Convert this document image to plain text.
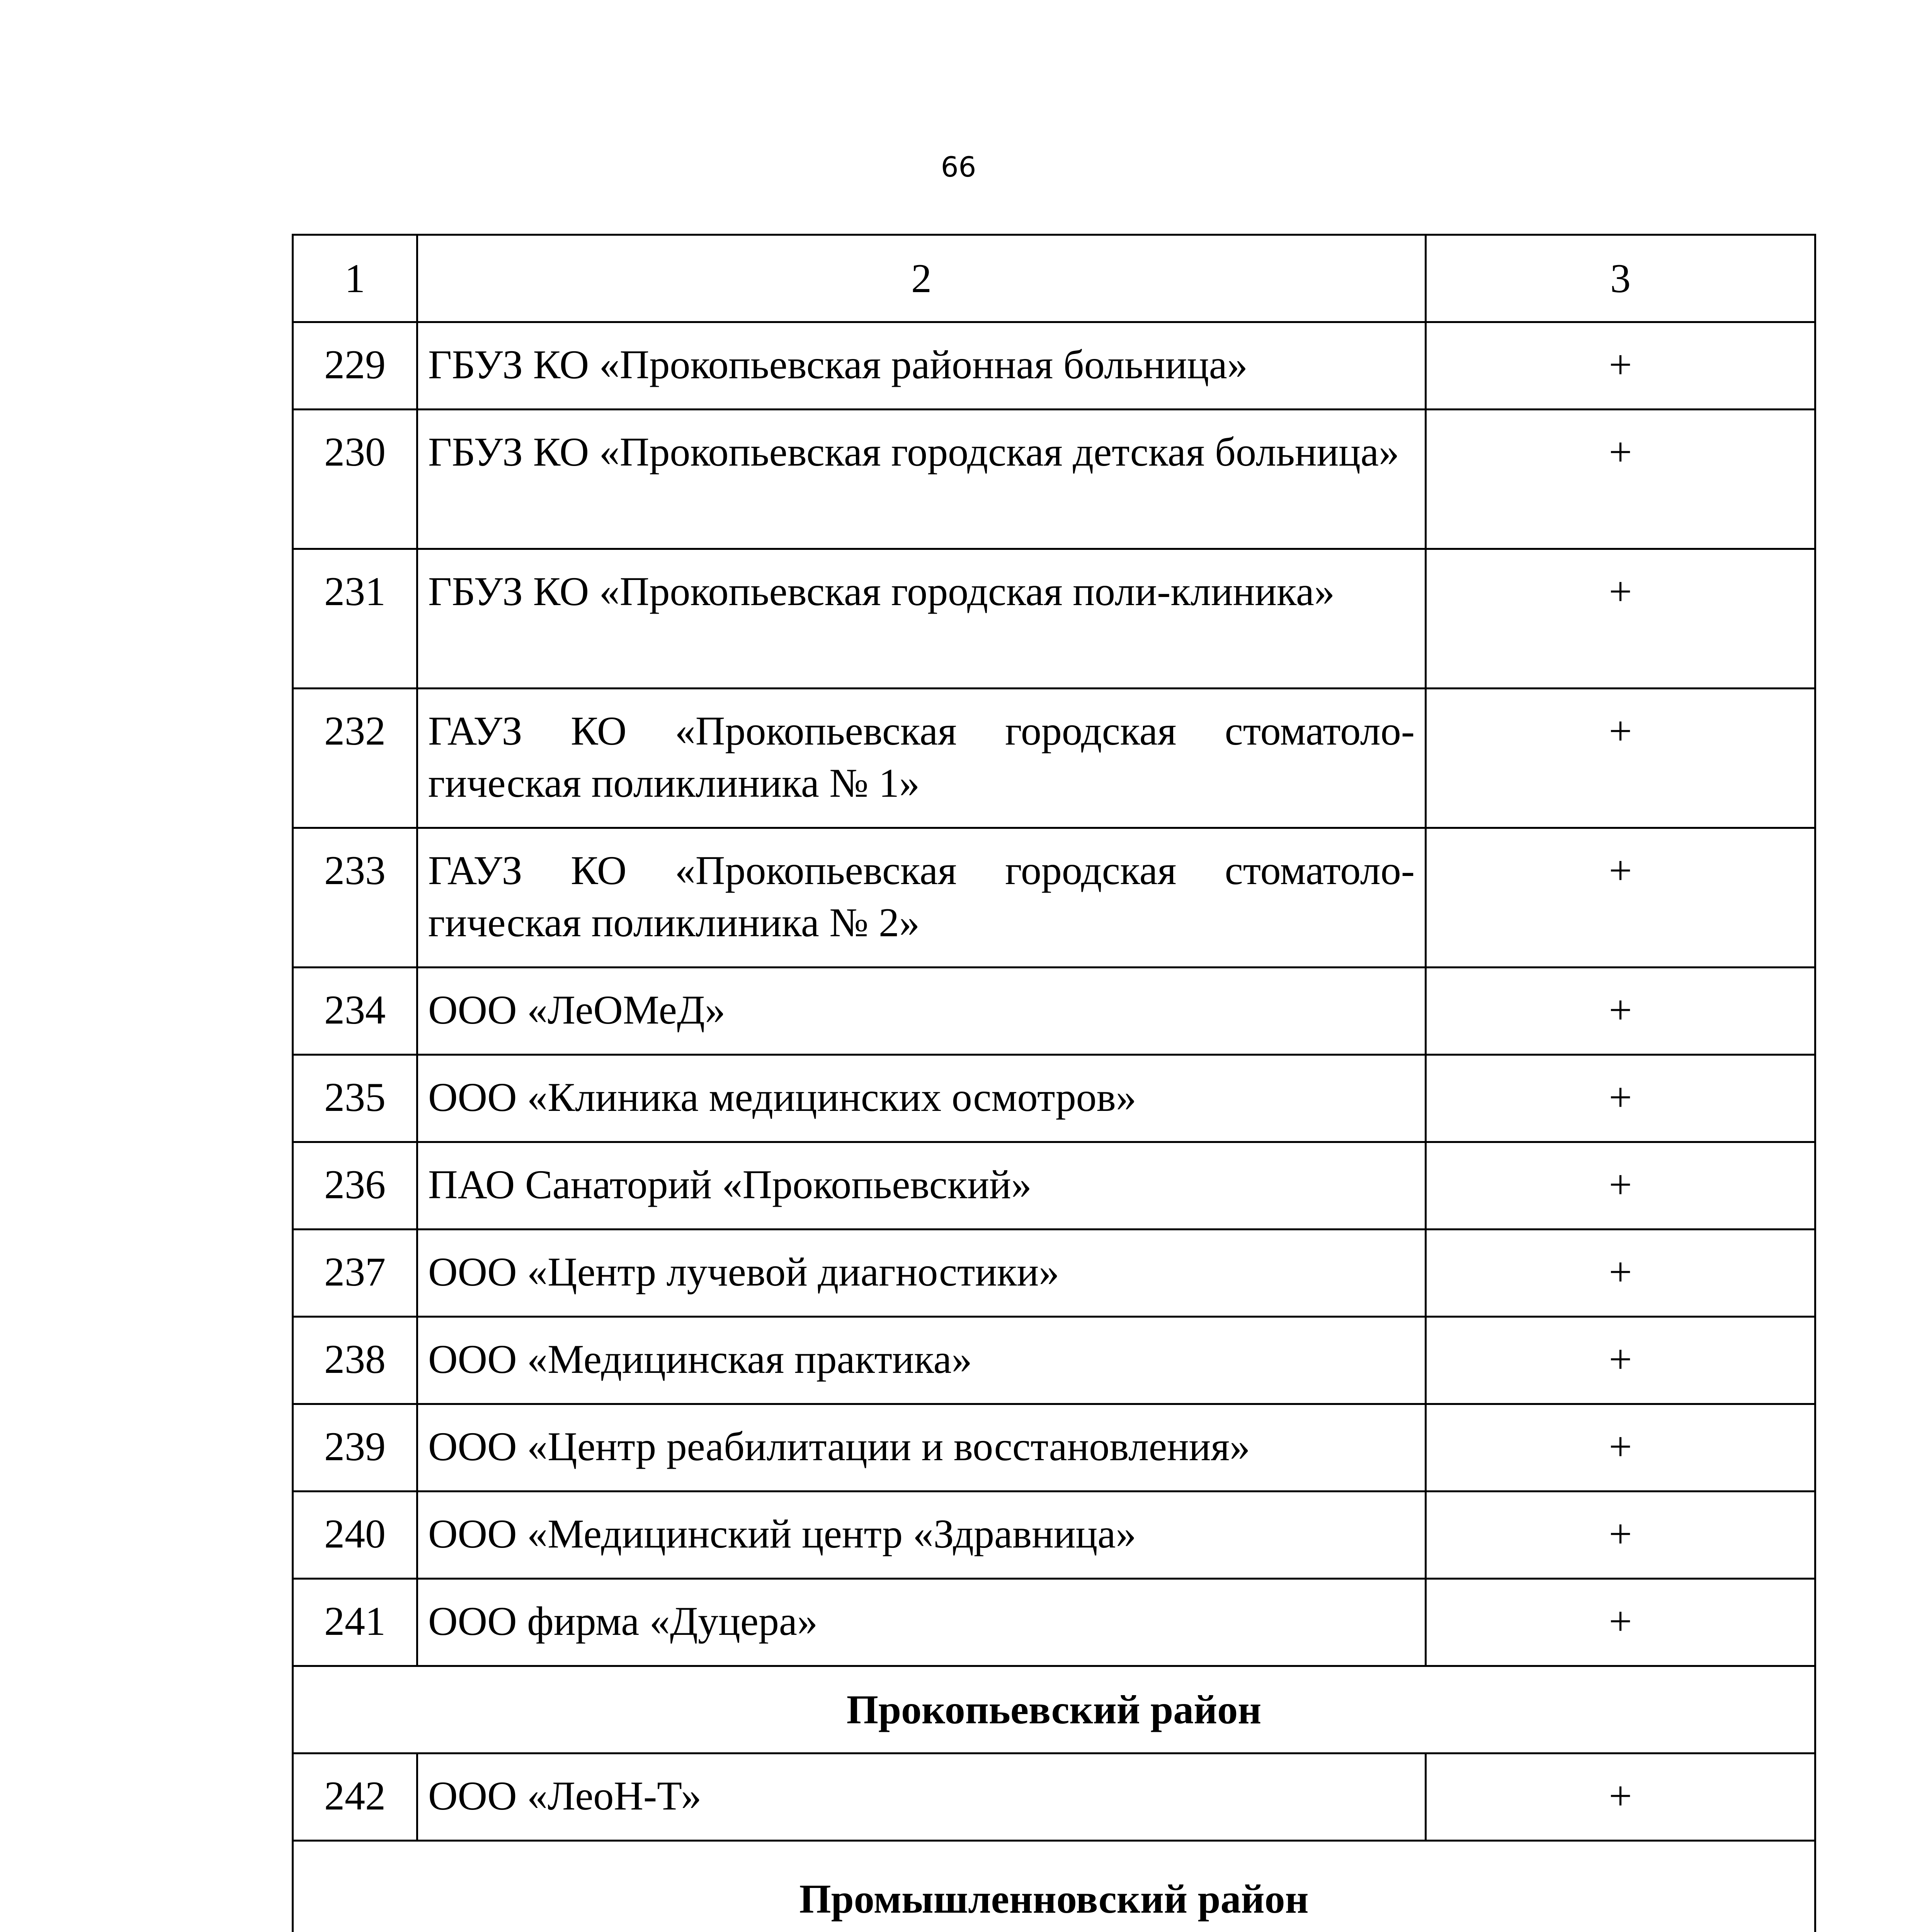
66
1	2	3
229	ГБУЗ КО «Прокопьевская районная больница»	+
230	ГБУЗ КО «Прокопьевская городская детская больница»	+
231	ГБУЗ КО «Прокопьевская городская поли-клиника»	+
232	ГАУЗ КО «Прокопьевская городская стоматоло-гическая поликлиника № 1»	+
233	ГАУЗ КО «Прокопьевская городская стоматоло-гическая поликлиника № 2»	+
234	ООО «ЛеОМеД»	+
235	ООО «Клиника медицинских осмотров»	+
236	ПАО Санаторий «Прокопьевский»	+
237	ООО «Центр лучевой диагностики»	+
238	ООО «Медицинская практика»	+
239	ООО «Центр реабилитации и восстановления»	+
240	ООО «Медицинский центр «Здравница»	+
241	ООО фирма «Дуцера»	+
Прокопьевский район		
242	ООО «ЛеоН-Т»	+
Промышленновский район		
